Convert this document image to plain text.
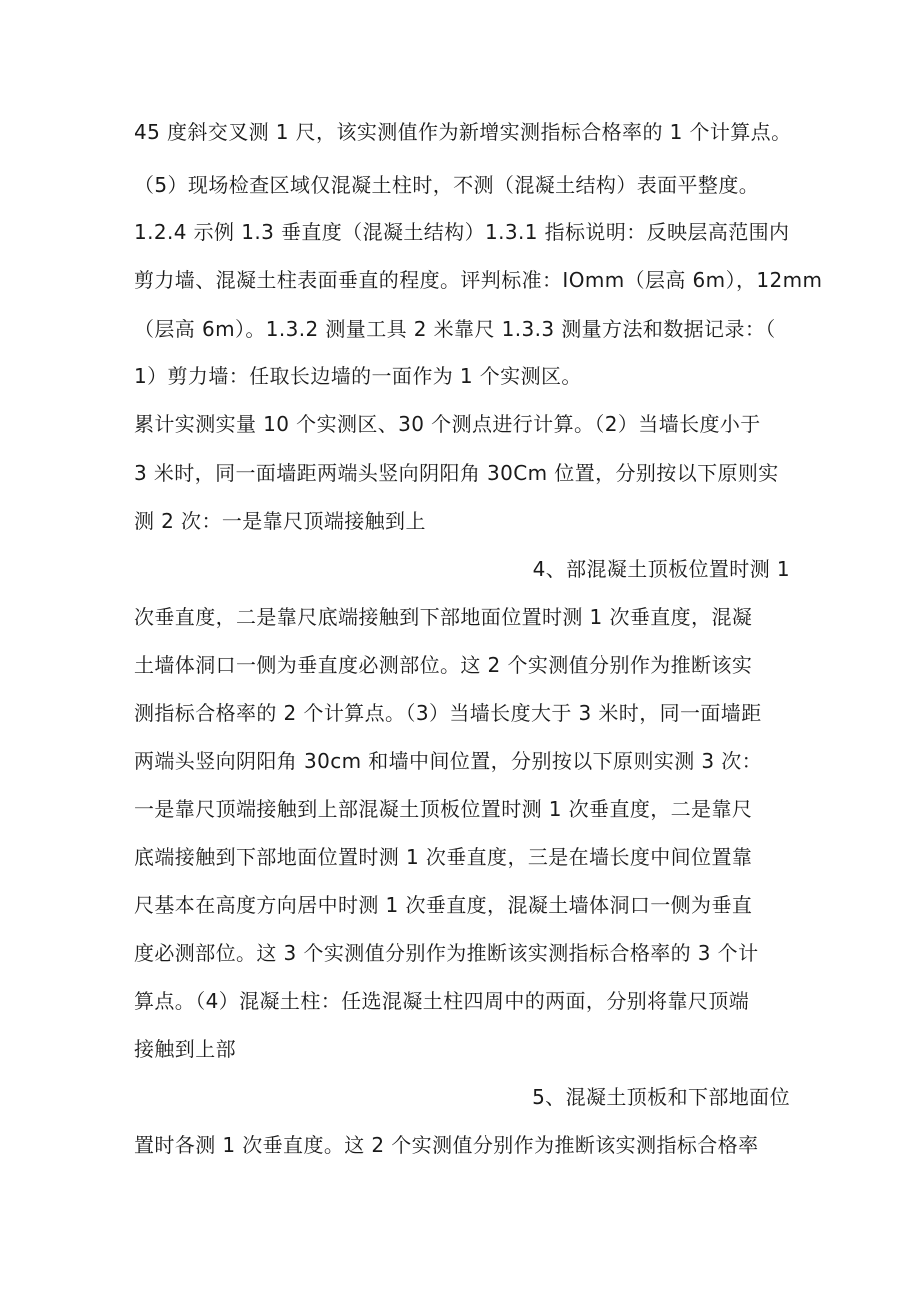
45 度斜交叉测 1 尺，该实测值作为新增实测指标合格率的 1 个计算点。
（5）现场检查区域仅混凝土柱时，不测（混凝土结构）表面平整度。
1.2.4 示例 1.3 垂直度（混凝土结构）1.3.1 指标说明：反映层高范围内
剪力墙、混凝土柱表面垂直的程度。评判标准：IOmm（层高 6m），12mm
（层高 6m）。1.3.2 测量工具 2 米靠尺 1.3.3 测量方法和数据记录：（
1）剪力墙：任取长边墙的一面作为 1 个实测区。
累计实测实量 10 个实测区、30 个测点进行计算。（2）当墙长度小于
3 米时，同一面墙距两端头竖向阴阳角 30Cm 位置，分别按以下原则实
测 2 次：一是靠尺顶端接触到上
4、部混凝土顶板位置时测 1
次垂直度，二是靠尺底端接触到下部地面位置时测 1 次垂直度，混凝
土墙体洞口一侧为垂直度必测部位。这 2 个实测值分别作为推断该实
测指标合格率的 2 个计算点。（3）当墙长度大于 3 米时，同一面墙距
两端头竖向阴阳角 30cm 和墙中间位置，分别按以下原则实测 3 次：
一是靠尺顶端接触到上部混凝土顶板位置时测 1 次垂直度，二是靠尺
底端接触到下部地面位置时测 1 次垂直度，三是在墙长度中间位置靠
尺基本在高度方向居中时测 1 次垂直度，混凝土墙体洞口一侧为垂直
度必测部位。这 3 个实测值分别作为推断该实测指标合格率的 3 个计
算点。（4）混凝土柱：任选混凝土柱四周中的两面，分别将靠尺顶端
接触到上部
5、混凝土顶板和下部地面位
置时各测 1 次垂直度。这 2 个实测值分别作为推断该实测指标合格率
